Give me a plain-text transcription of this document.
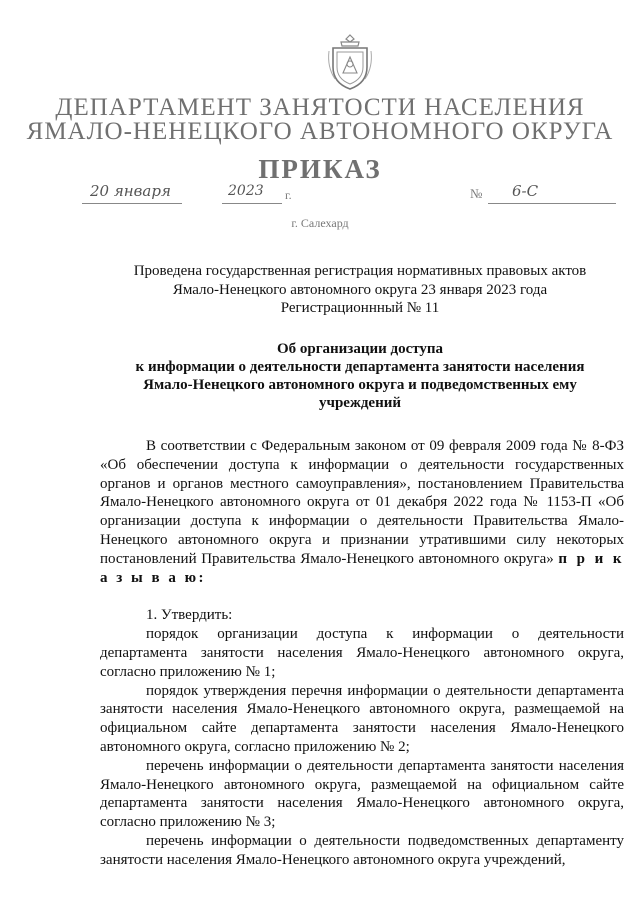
ДЕПАРТАМЕНТ ЗАНЯТОСТИ НАСЕЛЕНИЯ
ЯМАЛО-НЕНЕЦКОГО АВТОНОМНОГО ОКРУГА
ПРИКАЗ
20 января	2023 г.	№ 6-С
г. Салехард
Проведена государственная регистрация нормативных правовых актов
Ямало-Ненецкого автономного округа 23 января 2023 года
Регистрационнный № 11
Об организации доступа
к информации о деятельности департамента занятости населения
Ямало-Ненецкого автономного округа и подведомственных ему
учреждений

В соответствии с Федеральным законом от 09 февраля 2009 года № 8-ФЗ «Об обеспечении доступа к информации о деятельности государственных органов и органов местного самоуправления», постановлением Правительства Ямало-Ненецкого автономного округа от 01 декабря 2022 года № 1153-П «Об организации доступа к информации о деятельности Правительства Ямало-Ненецкого автономного округа и признании утратившими силу некоторых постановлений Правительства Ямало-Ненецкого автономного округа» п р и к а з ы в а ю:

1. Утвердить:

порядок организации доступа к информации о деятельности департамента занятости населения Ямало-Ненецкого автономного округа, согласно приложению № 1;

порядок утверждения перечня информации о деятельности департамента занятости населения Ямало-Ненецкого автономного округа, размещаемой на официальном сайте департамента занятости населения Ямало-Ненецкого автономного округа, согласно приложению № 2;

перечень информации о деятельности департамента занятости населения Ямало-Ненецкого автономного округа, размещаемой на официальном сайте департамента занятости населения Ямало-Ненецкого автономного округа, согласно приложению № 3;

перечень информации о деятельности подведомственных департаменту занятости населения Ямало-Ненецкого автономного округа учреждений,
